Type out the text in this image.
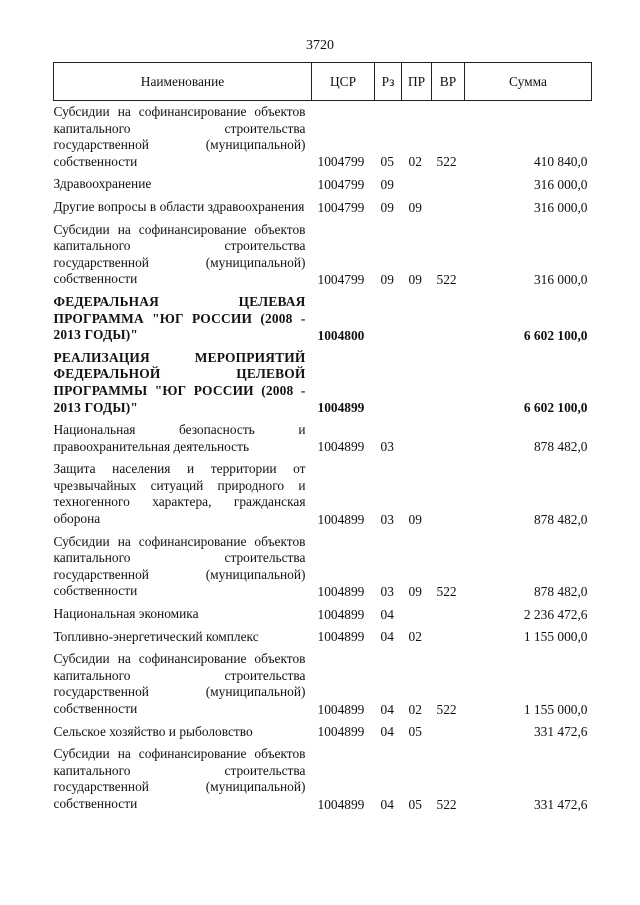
3720
Наименование	ЦСР	Рз	ПР	ВР	Сумма
Субсидии на софинансирование объектов капитального строительства государственной (муниципальной) собственности	1004799	05	02	522	410 840,0
Здравоохранение	1004799	09			316 000,0
Другие вопросы в области здравоохранения	1004799	09	09		316 000,0
Субсидии на софинансирование объектов капитального строительства государственной (муниципальной) собственности	1004799	09	09	522	316 000,0
ФЕДЕРАЛЬНАЯ ЦЕЛЕВАЯ ПРОГРАММА "ЮГ РОССИИ (2008 - 2013 ГОДЫ)"	1004800				6 602 100,0
РЕАЛИЗАЦИЯ МЕРОПРИЯТИЙ ФЕДЕРАЛЬНОЙ ЦЕЛЕВОЙ ПРОГРАММЫ "ЮГ РОССИИ (2008 - 2013 ГОДЫ)"	1004899				6 602 100,0
Национальная безопасность и правоохранительная деятельность	1004899	03			878 482,0
Защита населения и территории от чрезвычайных ситуаций природного и техногенного характера, гражданская оборона	1004899	03	09		878 482,0
Субсидии на софинансирование объектов капитального строительства государственной (муниципальной) собственности	1004899	03	09	522	878 482,0
Национальная экономика	1004899	04			2 236 472,6
Топливно-энергетический комплекс	1004899	04	02		1 155 000,0
Субсидии на софинансирование объектов капитального строительства государственной (муниципальной) собственности	1004899	04	02	522	1 155 000,0
Сельское хозяйство и рыболовство	1004899	04	05		331 472,6
Субсидии на софинансирование объектов капитального строительства государственной (муниципальной) собственности	1004899	04	05	522	331 472,6
